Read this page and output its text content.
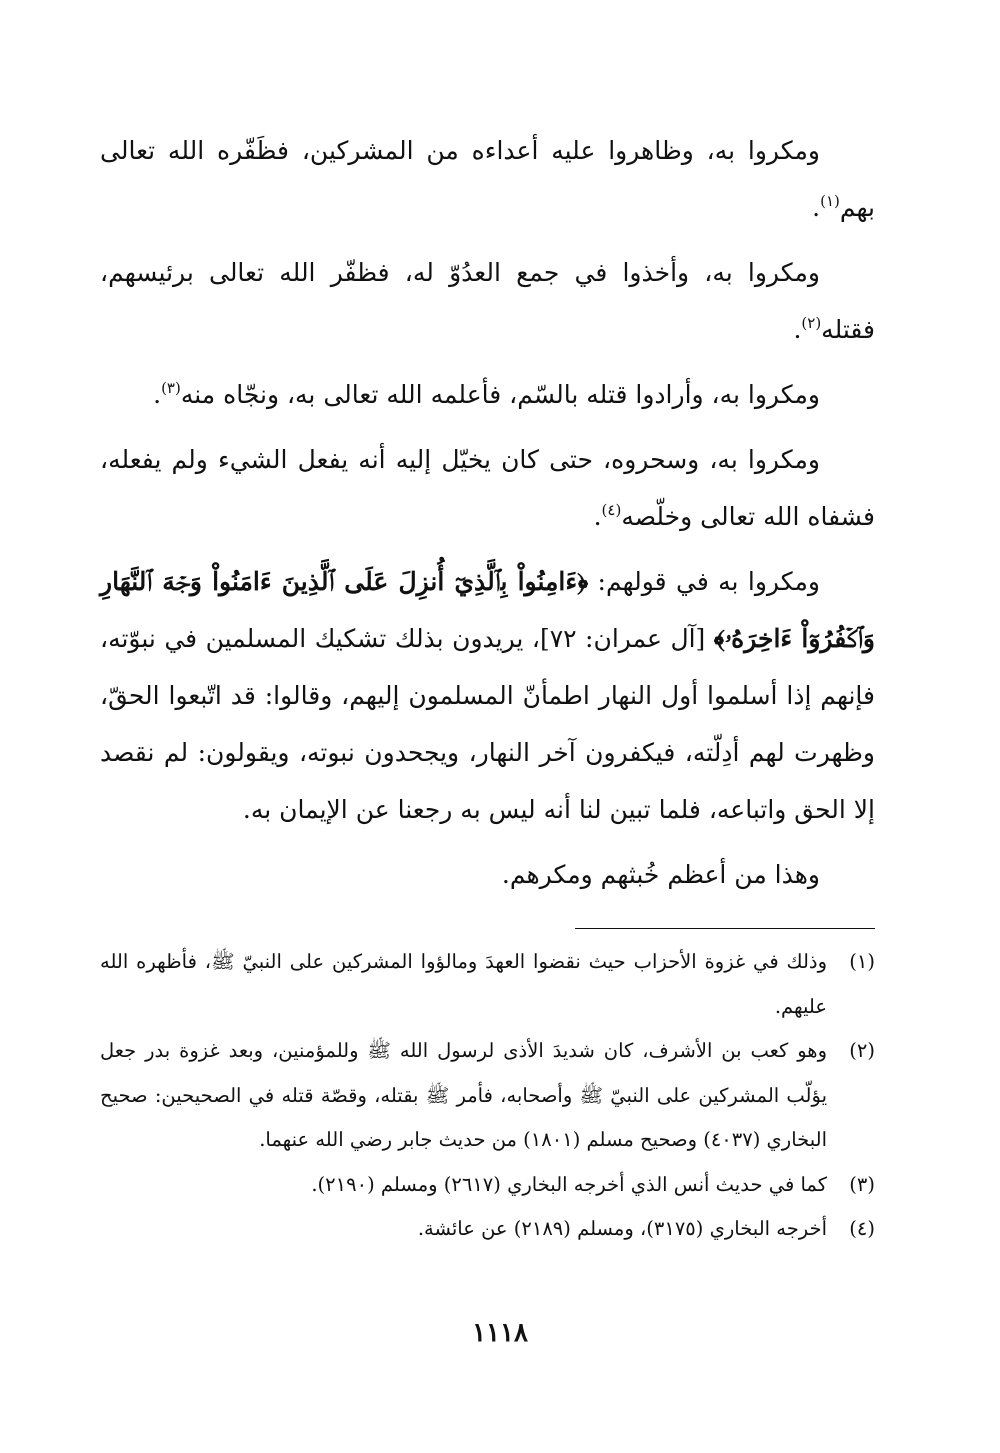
ومكروا به، وظاهروا عليه أعداءه من المشركين، فظَفّره الله تعالى بهم$^{(١)}$.

ومكروا به، وأخذوا في جمع العدُوّ له، فظفّر الله تعالى برئيسهم، فقتله$^{(٢)}$.

ومكروا به، وأرادوا قتله بالسّم، فأعلمه الله تعالى به، ونجّاه منه$^{(٣)}$.

ومكروا به، وسحروه، حتى كان يخيّل إليه أنه يفعل الشيء ولم يفعله، فشفاه الله تعالى وخلّصه$^{(٤)}$.

ومكروا به في قولهم: ﴿ءَامِنُواْ بِٱلَّذِيٓ أُنزِلَ عَلَى ٱلَّذِينَ ءَامَنُواْ وَجۡهَ ٱلنَّهَارِ وَٱكۡفُرُوٓاْ ءَاخِرَهُۥ﴾ [آل عمران: ٧٢]، يريدون بذلك تشكيك المسلمين في نبوّته، فإنهم إذا أسلموا أول النهار اطمأنّ المسلمون إليهم، وقالوا: قد اتّبعوا الحقّ، وظهرت لهم أدِلّته، فيكفرون آخر النهار، ويجحدون نبوته، ويقولون: لم نقصد إلا الحق واتباعه، فلما تبين لنا أنه ليس به رجعنا عن الإيمان به.

وهذا من أعظم خُبثهم ومكرهم.

(١)
وذلك في غزوة الأحزاب حيث نقضوا العهدَ ومالؤوا المشركين على النبيّ ﷺ، فأظهره الله عليهم.
(٢)
وهو كعب بن الأشرف، كان شديدَ الأذى لرسول الله ﷺ وللمؤمنين، وبعد غزوة بدر جعل يؤلّب المشركين على النبيّ ﷺ وأصحابه، فأمر ﷺ بقتله، وقصّة قتله في الصحيحين: صحيح البخاري (٤٠٣٧) وصحيح مسلم (١٨٠١) من حديث جابر رضي الله عنهما.
(٣)
كما في حديث أنس الذي أخرجه البخاري (٢٦١٧) ومسلم (٢١٩٠).
(٤)
أخرجه البخاري (٣١٧٥)، ومسلم (٢١٨٩) عن عائشة.
١١١٨
